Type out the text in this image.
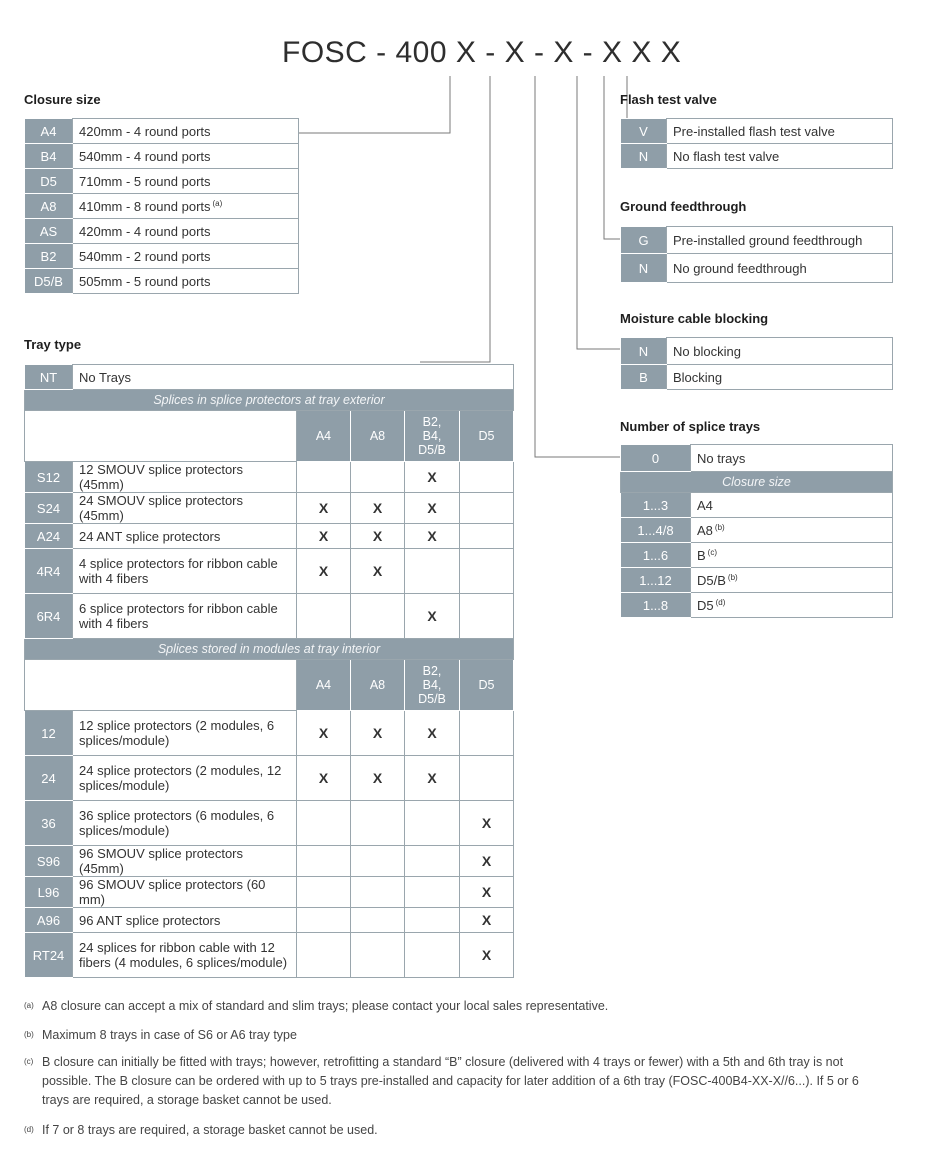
FOSC - 400 X - X - X - X X X
Closure size
A4	420mm - 4 round ports
B4	540mm - 4 round ports
D5	710mm - 5 round ports
A8	410mm - 8 round ports $^{(a)}$
AS	420mm - 4 round ports
B2	540mm - 2 round ports
D5/B	505mm - 5 round ports
Tray type
NT	No Trays				
Splices in splice protectors at tray exterior					
		A4	A8	B2,
B4,
D5/B	D5
S12	12 SMOUV splice protectors (45mm)			X	
S24	24 SMOUV splice protectors (45mm)	X	X	X	
A24	24 ANT splice protectors	X	X	X	
4R4	4 splice protectors for ribbon cable with 4 fibers	X	X		
6R4	6 splice protectors for ribbon cable with 4 fibers			X	
Splices stored in modules at tray interior					
		A4	A8	B2,
B4,
D5/B	D5
12	12 splice protectors (2 modules, 6 splices/module)	X	X	X	
24	24 splice protectors (2 modules, 12 splices/module)	X	X	X	
36	36 splice protectors (6 modules, 6 splices/module)				X
S96	96 SMOUV splice protectors (45mm)				X
L96	96 SMOUV splice protectors (60 mm)				X
A96	96 ANT splice protectors				X
RT24	24 splices for ribbon cable with 12 fibers (4 modules, 6 splices/module)				X
Flash test valve
V	Pre-installed flash test valve
N	No flash test valve
Ground feedthrough
G	Pre-installed ground feedthrough
N	No ground feedthrough
Moisture cable blocking
N	No blocking
B	Blocking
Number of splice trays
0	No trays
Closure size	
1...3	A4
1...4/8	A8 $^{(b)}$
1...6	B $^{(c)}$
1...12	D5/B $^{(b)}$
1...8	D5 $^{(d)}$
(a) A8 closure can accept a mix of standard and slim trays; please contact your local sales representative.
(b) Maximum 8 trays in case of S6 or A6 tray type
(c) B closure can initially be fitted with trays; however, retrofitting a standard “B” closure (delivered with 4 trays or fewer) with a 5th and 6th tray is not possible. The B closure can be ordered with up to 5 trays pre-installed and capacity for later addition of a 6th tray (FOSC-400B4-XX-X//6...). If 5 or 6 trays are required, a storage basket cannot be used.
(d) If 7 or 8 trays are required, a storage basket cannot be used.
